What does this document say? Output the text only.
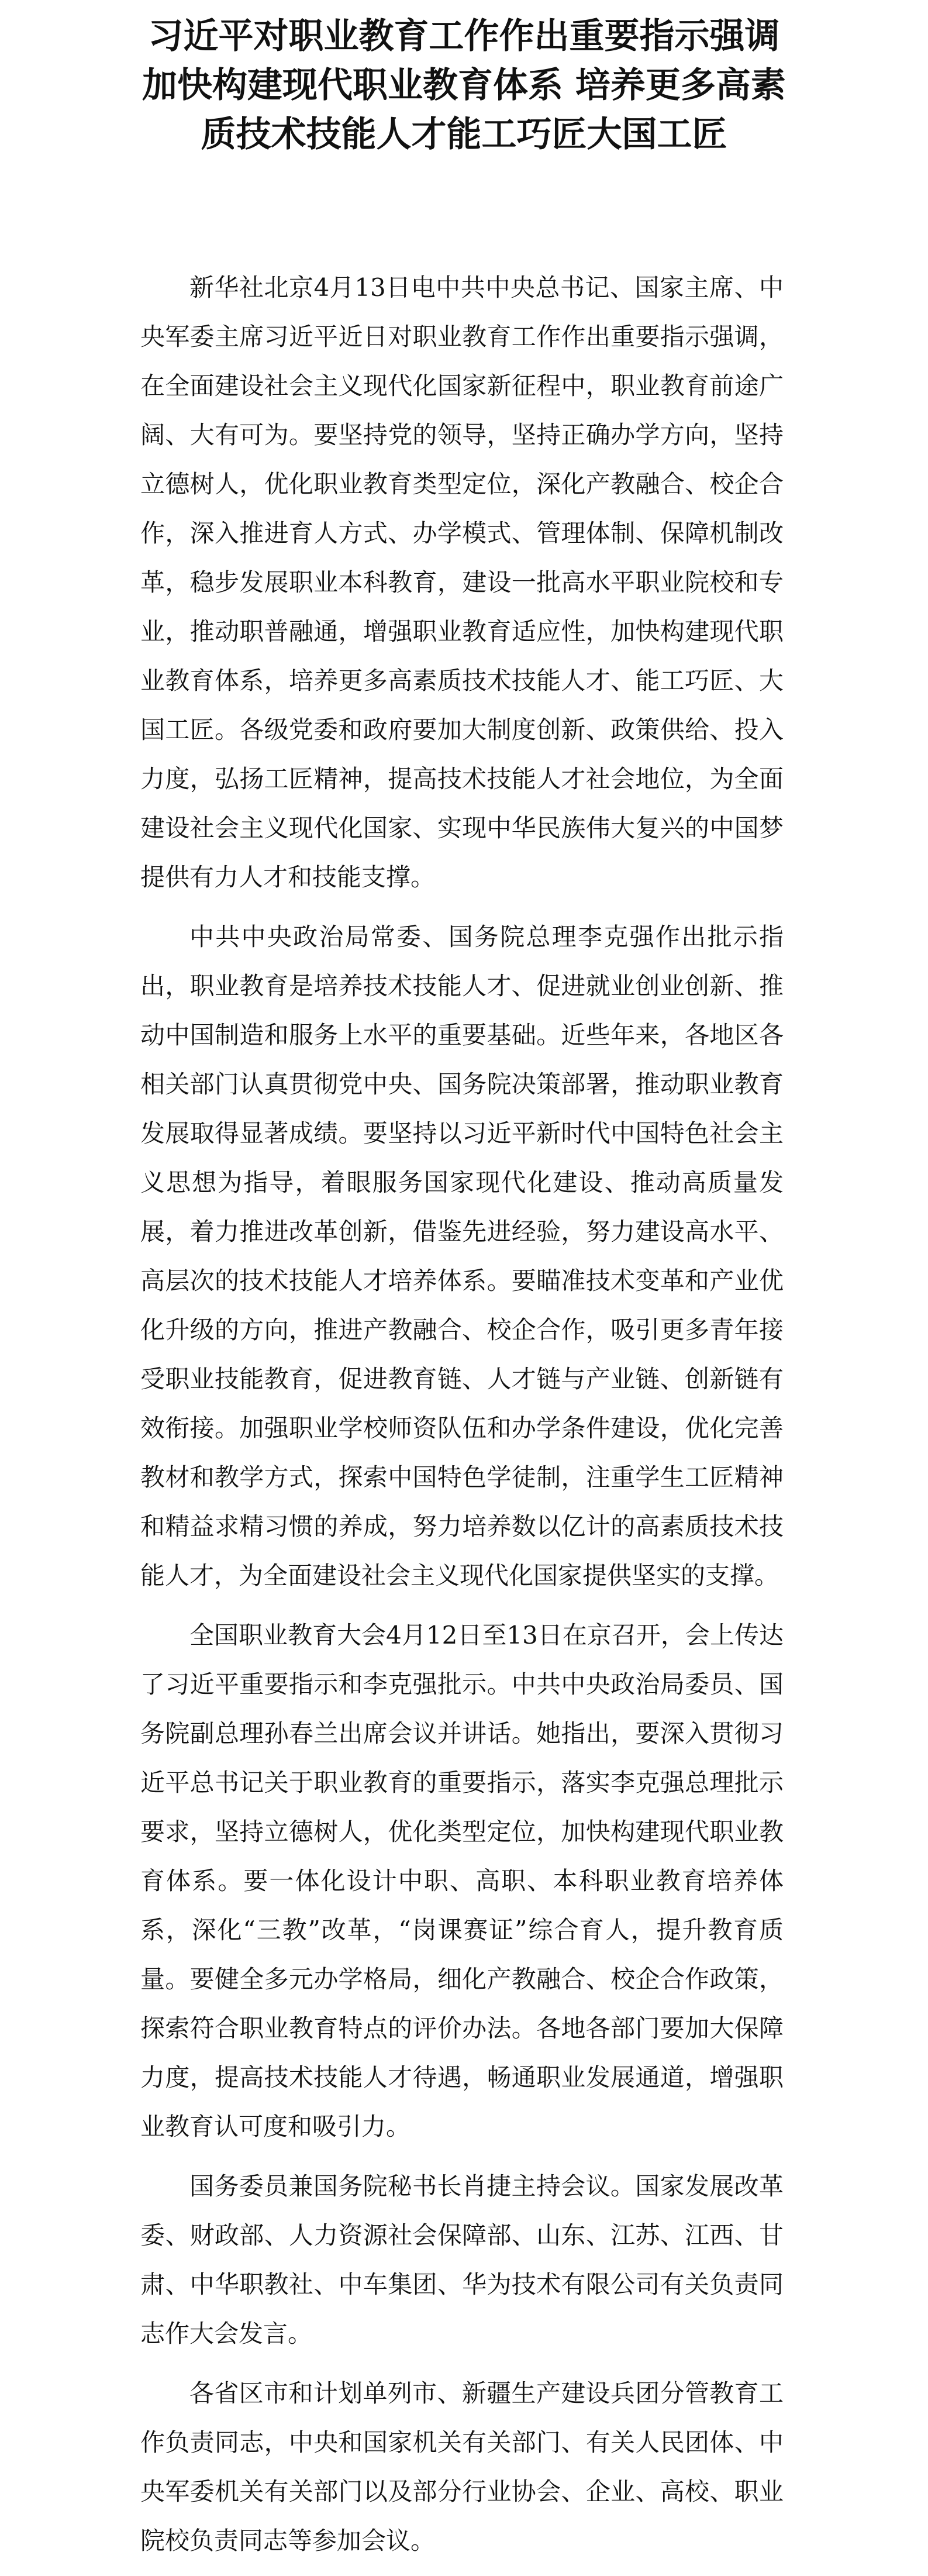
习近平对职业教育工作作出重要指示强调
加快构建现代职业教育体系 培养更多高素
质技术技能人才能工巧匠大国工匠

新华社北京4月13日电中共中央总书记、国家主席、中央军委主席习近平近日对职业教育工作作出重要指示强调，在全面建设社会主义现代化国家新征程中，职业教育前途广阔、大有可为。要坚持党的领导，坚持正确办学方向，坚持立德树人，优化职业教育类型定位，深化产教融合、校企合作，深入推进育人方式、办学模式、管理体制、保障机制改革，稳步发展职业本科教育，建设一批高水平职业院校和专业，推动职普融通，增强职业教育适应性，加快构建现代职业教育体系，培养更多高素质技术技能人才、能工巧匠、大国工匠。各级党委和政府要加大制度创新、政策供给、投入力度，弘扬工匠精神，提高技术技能人才社会地位，为全面建设社会主义现代化国家、实现中华民族伟大复兴的中国梦提供有力人才和技能支撑。

中共中央政治局常委、国务院总理李克强作出批示指出，职业教育是培养技术技能人才、促进就业创业创新、推动中国制造和服务上水平的重要基础。近些年来，各地区各相关部门认真贯彻党中央、国务院决策部署，推动职业教育发展取得显著成绩。要坚持以习近平新时代中国特色社会主义思想为指导，着眼服务国家现代化建设、推动高质量发展，着力推进改革创新，借鉴先进经验，努力建设高水平、高层次的技术技能人才培养体系。要瞄准技术变革和产业优化升级的方向，推进产教融合、校企合作，吸引更多青年接受职业技能教育，促进教育链、人才链与产业链、创新链有效衔接。加强职业学校师资队伍和办学条件建设，优化完善教材和教学方式，探索中国特色学徒制，注重学生工匠精神和精益求精习惯的养成，努力培养数以亿计的高素质技术技能人才，为全面建设社会主义现代化国家提供坚实的支撑。

全国职业教育大会4月12日至13日在京召开，会上传达了习近平重要指示和李克强批示。中共中央政治局委员、国务院副总理孙春兰出席会议并讲话。她指出，要深入贯彻习近平总书记关于职业教育的重要指示，落实李克强总理批示要求，坚持立德树人，优化类型定位，加快构建现代职业教育体系。要一体化设计中职、高职、本科职业教育培养体系，深化“三教”改革，“岗课赛证”综合育人，提升教育质量。要健全多元办学格局，细化产教融合、校企合作政策，探索符合职业教育特点的评价办法。各地各部门要加大保障力度，提高技术技能人才待遇，畅通职业发展通道，增强职业教育认可度和吸引力。

国务委员兼国务院秘书长肖捷主持会议。国家发展改革委、财政部、人力资源社会保障部、山东、江苏、江西、甘肃、中华职教社、中车集团、华为技术有限公司有关负责同志作大会发言。

各省区市和计划单列市、新疆生产建设兵团分管教育工作负责同志，中央和国家机关有关部门、有关人民团体、中央军委机关有关部门以及部分行业协会、企业、高校、职业院校负责同志等参加会议。
